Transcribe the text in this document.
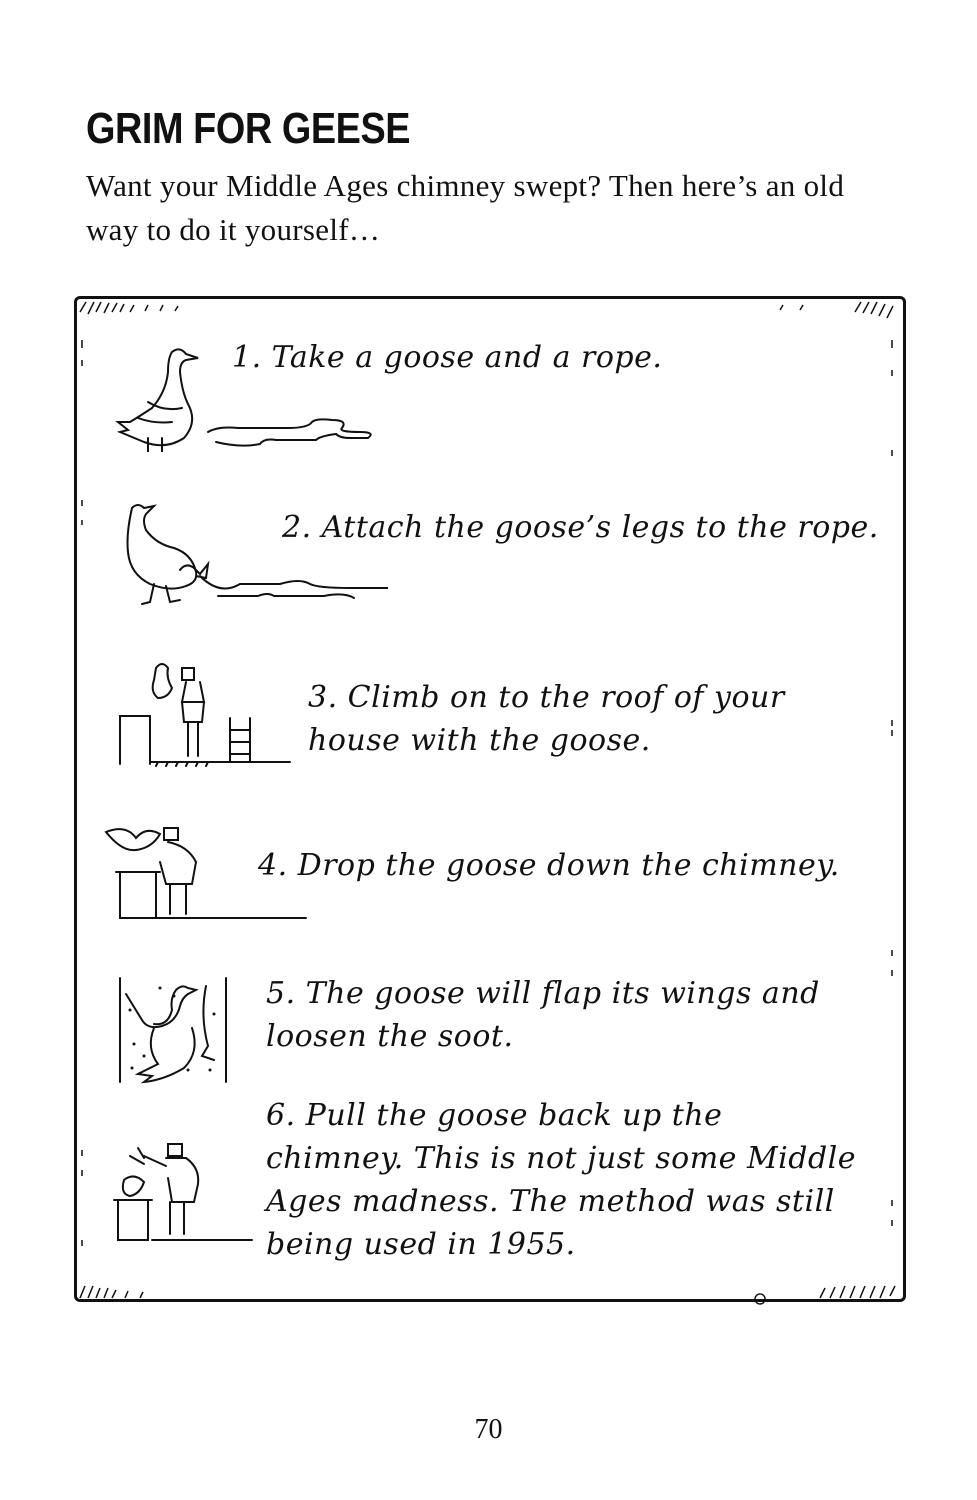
GRIM FOR GEESE

Want your Middle Ages chimney swept? Then here’s an old way to do it yourself…

1. Take a goose and a rope.

2. Attach the goose’s legs to the rope.

3. Climb on to the roof of your house with the goose.

4. Drop the goose down the chimney.

5. The goose will flap its wings and loosen the soot.

6. Pull the goose back up the chimney. This is not just some Middle Ages madness. The method was still being used in 1955.

70
